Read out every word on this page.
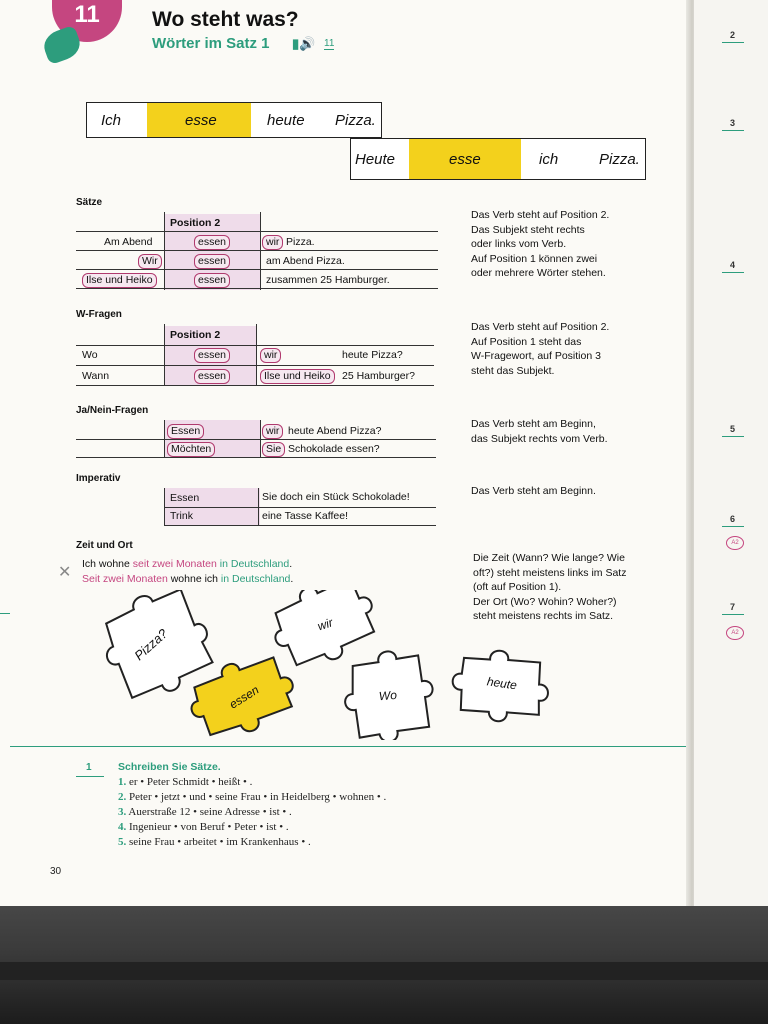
11	Wo steht was?
Wörter im Satz 1 ▮🔊 11
Ich	esse	heute Pizza.
Heute	esse	ich	Pizza.
Sätze
Position 2
Am Abend	essen	wir Pizza.
Wir	essen	am Abend Pizza.
Ilse und Heiko	essen	zusammen 25 Hamburger.
Das Verb steht auf Position 2.
Das Subjekt steht rechts
oder links vom Verb.
Auf Position 1 können zwei
oder mehrere Wörter stehen.
W-Fragen
Position 2
Wo	essen	wir	heute Pizza?
Wann	essen	Ilse und Heiko	25 Hamburger?
Das Verb steht auf Position 2.
Auf Position 1 steht das
W-Fragewort, auf Position 3
steht das Subjekt.
Ja/Nein-Fragen
Essen	wir heute Abend Pizza?
Möchten	Sie Schokolade essen?
Das Verb steht am Beginn,
das Subjekt rechts vom Verb.
Imperativ
Essen	Sie doch ein Stück Schokolade!
Trink	eine Tasse Kaffee!
Das Verb steht am Beginn.
Zeit und Ort
Ich wohne seit zwei Monaten in Deutschland.
Seit zwei Monaten wohne ich in Deutschland.
✕
Die Zeit (Wann? Wie lange? Wie
oft?) steht meistens links im Satz
(oft auf Position 1).
Der Ort (Wo? Wohin? Woher?)
steht meistens rechts im Satz.
Pizza?
wir
essen	Wo
heute
1	Schreiben Sie Sätze.
1. er • Peter Schmidt • heißt • .
2. Peter • jetzt • und • seine Frau • in Heidelberg • wohnen • .
3. Auerstraße 12 • seine Adresse • ist • .
4. Ingenieur • von Beruf • Peter • ist • .
5. seine Frau • arbeitet • im Krankenhaus • .
30
2
3
4
5
6
A2
7
A2
